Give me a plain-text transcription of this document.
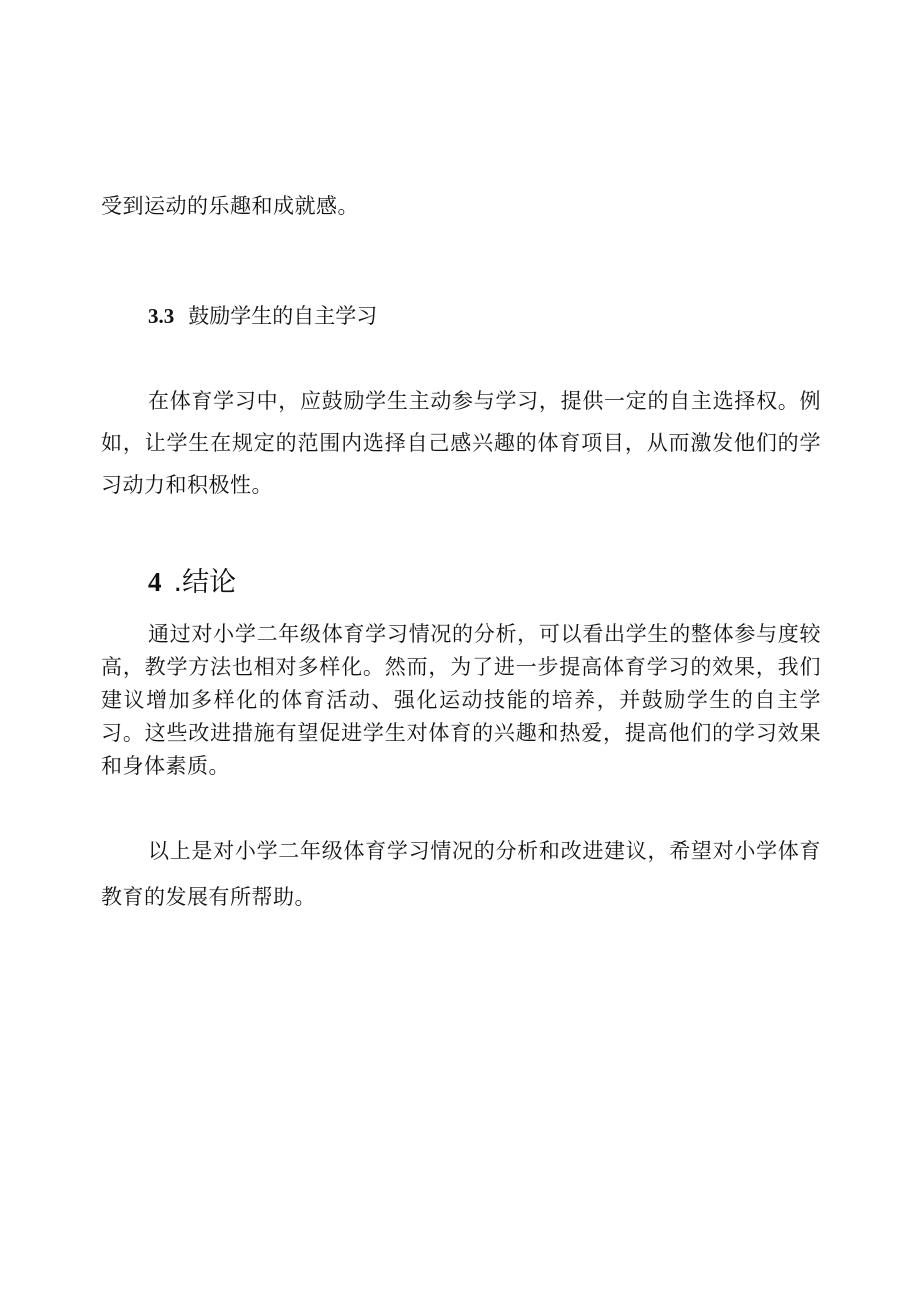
受到运动的乐趣和成就感。

3.3 鼓励学生的自主学习

在体育学习中，应鼓励学生主动参与学习，提供一定的自主选择权。例如，让学生在规定的范围内选择自己感兴趣的体育项目，从而激发他们的学习动力和积极性。

4 .结论

通过对小学二年级体育学习情况的分析，可以看出学生的整体参与度较高，教学方法也相对多样化。然而，为了进一步提高体育学习的效果，我们建议增加多样化的体育活动、强化运动技能的培养，并鼓励学生的自主学习。这些改进措施有望促进学生对体育的兴趣和热爱，提高他们的学习效果和身体素质。

以上是对小学二年级体育学习情况的分析和改进建议，希望对小学体育教育的发展有所帮助。
